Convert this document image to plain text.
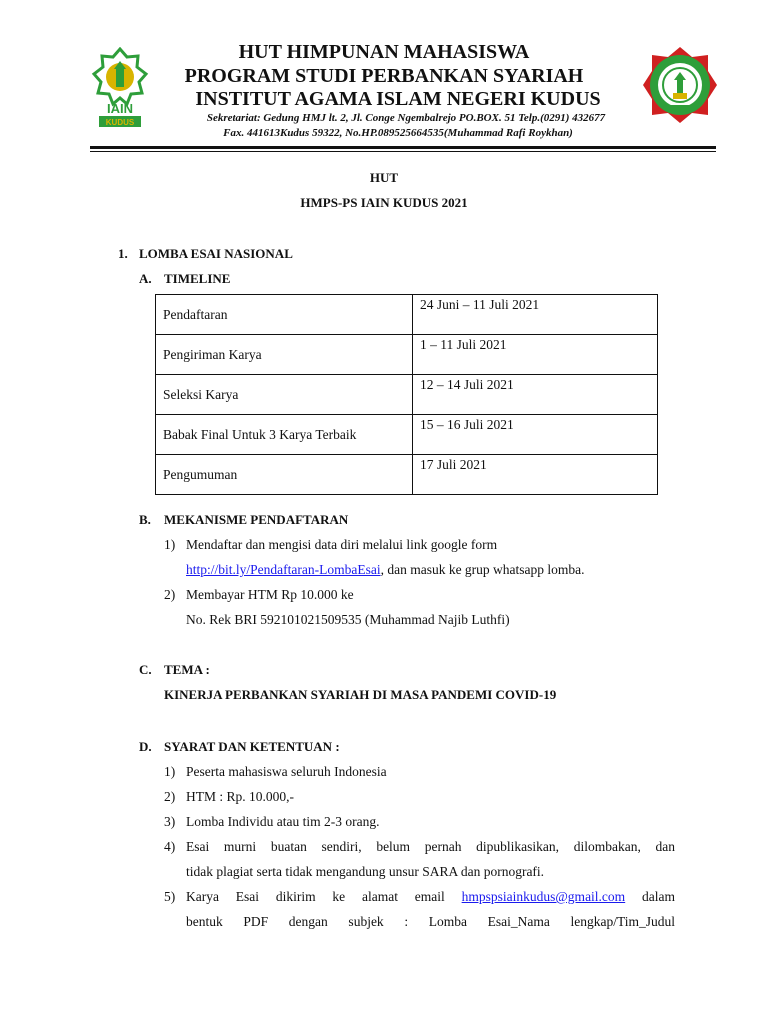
IAIN
KUDUS
HUT HIMPUNAN MAHASISWA
PROGRAM STUDI PERBANKAN SYARIAH
INSTITUT AGAMA ISLAM NEGERI KUDUS
Sekretariat: Gedung HMJ lt. 2, Jl. Conge Ngembalrejo PO.BOX. 51 Telp.(0291) 432677
Fax. 441613Kudus 59322, No.HP.089525664535(Muhammad Rafi Roykhan)
HUT
HMPS-PS IAIN KUDUS 2021
1. LOMBA ESAI NASIONAL
A. TIMELINE
Pendaftaran	24 Juni – 11 Juli 2021
Pengiriman Karya	1 – 11 Juli 2021
Seleksi Karya	12 – 14 Juli 2021
Babak Final Untuk 3 Karya Terbaik	15 – 16 Juli 2021
Pengumuman	17 Juli 2021
B. MEKANISME PENDAFTARAN
1) Mendaftar dan mengisi data diri melalui link google form
http://bit.ly/Pendaftaran-LombaEsai, dan masuk ke grup whatsapp lomba.
2) Membayar HTM Rp 10.000 ke
No. Rek BRI 592101021509535 (Muhammad Najib Luthfi)
C. TEMA :
KINERJA PERBANKAN SYARIAH DI MASA PANDEMI COVID-19
D. SYARAT DAN KETENTUAN :
1) Peserta mahasiswa seluruh Indonesia
2) HTM : Rp. 10.000,-
3) Lomba Individu atau tim 2-3 orang.
4) Esai murni buatan sendiri, belum pernah dipublikasikan, dilombakan, dan
tidak plagiat serta tidak mengandung unsur SARA dan pornografi.
5) Karya Esai dikirim ke alamat email hmpspsiainkudus@gmail.com dalam
bentuk PDF dengan subjek : Lomba Esai_Nama lengkap/Tim_Judul
